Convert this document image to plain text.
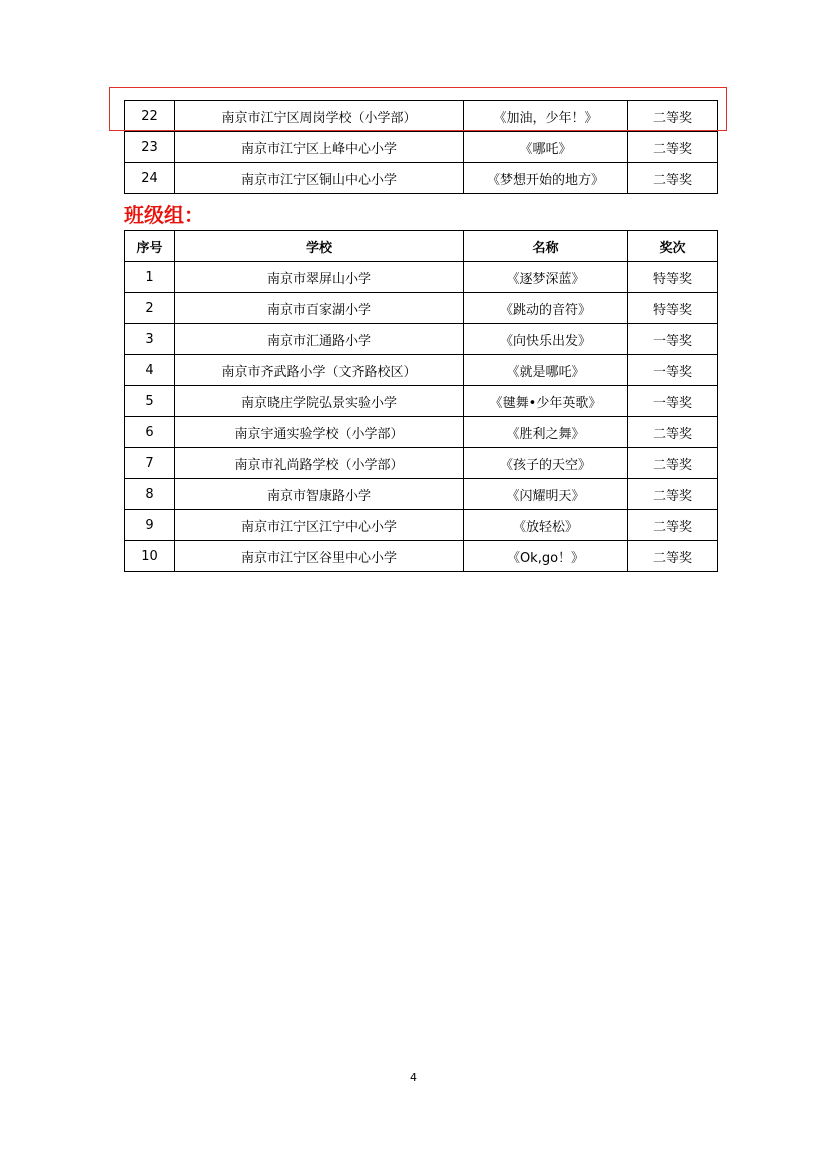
22	南京市江宁区周岗学校（小学部）	《加油，少年！》	二等奖
23	南京市江宁区上峰中心小学	《哪吒》	二等奖
24	南京市江宁区铜山中心小学	《梦想开始的地方》	二等奖
班级组：
序号	学校	名称	奖次
1	南京市翠屏山小学	《逐梦深蓝》	特等奖
2	南京市百家湖小学	《跳动的音符》	特等奖
3	南京市汇通路小学	《向快乐出发》	一等奖
4	南京市齐武路小学（文齐路校区）	《就是哪吒》	一等奖
5	南京晓庄学院弘景实验小学	《毽舞•少年英歌》	一等奖
6	南京宇通实验学校（小学部）	《胜利之舞》	二等奖
7	南京市礼尚路学校（小学部）	《孩子的天空》	二等奖
8	南京市智康路小学	《闪耀明天》	二等奖
9	南京市江宁区江宁中心小学	《放轻松》	二等奖
10	南京市江宁区谷里中心小学	《Ok,go！》	二等奖
4
